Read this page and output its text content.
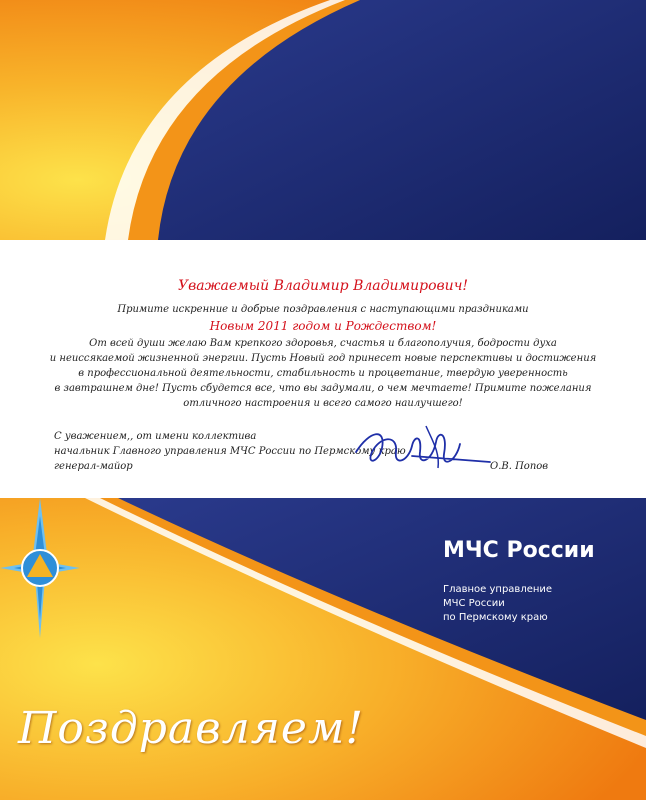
Уважаемый Владимир Владимирович!
Примите искренние и добрые поздравления с наступающими праздниками
Новым 2011 годом и Рождеством!
От всей души желаю Вам крепкого здоровья, счастья и благополучия, бодрости духа
и неиссякаемой жизненной энергии. Пусть Новый год принесет новые перспективы и достижения
в профессиональной деятельности, стабильность и процветание, твердую уверенность
в завтрашнем дне! Пусть сбудется все, что вы задумали, о чем мечтаете! Примите пожелания
отличного настроения и всего самого наилучшего!
С уважением,, от имени коллектива
начальник Главного управления МЧС России по Пермскому краю
генерал-майор	О.В. Попов
МЧС России
Главное управление
МЧС России
по Пермскому краю
Поздравляем!
